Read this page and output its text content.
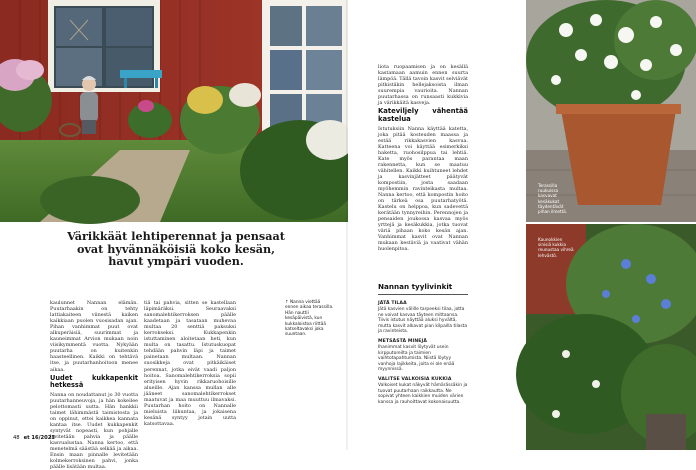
Värikkäät lehtiperennat ja pensaat ovat hyvännäköisiä koko kesän, havut ympäri vuoden.

kaulunnet Nannan elämän. Puutarhaakin on tehty lattiakaiteen viinestä kaiken kaikkiaan puolen vuosisadan ajan. Pihan vanhimmat puut ovat alkuperäisiä, suurimmat ja kauneimmat Arvion mukaan noin viisikymmentä vuotta. Nykyään puutarha on kuitenkin haasteellinen. Kaikki on tehtävä itse, ja puutarhanhoitoon menee aikaa.

Uudet kukkapenkit hetkessä

Nanna on noudattanut jo 30 vuotta puutarhanneuvoja, ja hän kokeilee pelottomasti uutta. Hän hankkii taimet lähimmästä taimistosta ja on oppinut, ettei kaikkea kannata kantaa itse. Uudet kukkapenkit syntyvät nopeasti, kun pohjalle levitetään pahvia ja päälle kasvualustaa. Nanna kertoo, että menetelmä säästää selkää ja aikaa. Ensin maan pinnalle levitetään kolmekerroksinen pahvi, jonka päälle lisätään multaa.

tiä tai pahvia, sitten se kastellaan läpimäräksi. Seuraavaksi sanomalehtikerroksen päälle kaadetaan ja tasataan muhevaa multaa 20 senttiä paksuksi kerrokseksi. Kukkapenkin istuttaminen aloitetaan heti, kun multa on tasattu. Istutuskuopat tehdään pahvin läpi ja taimet painetaan multaan. Nannan suosikkeja ovat pitkäikäiset perennat, jotka eivät vaadi paljon hoitoa. Sanomalehtikerroksia sopii erityisen hyvin rikkaruohoisille alueille. Ajan kanssa mullan alle jääneet sanomalehtikerrokset maatuvat ja maa muuttuu ilmavaksi. Puutarhan hoito on Nannalle mieluista liikuntaa, ja jokaisena kesänä syntyy jotain uutta katsottavaa.

↑ Nanna viettää ennen aikaa terassilla. Hän nauttii kesäpäivistä, kun kukkaloistoa riittää katseltavaksi joka suuntaan.

48 et 16/2023

liota ruopaamisen ja on kesällä kastamaan aamuin ennen suurta lämpöä. Tällä tavoin kasvit selviävät pitkistäkin hellejaksoista ilman suurempia vaurioita. Nannan puutarhassa on runsaasti kukkivia ja värikkäitä kasveja.

Kateviljely vähentää kastelua

Istutuksiin Nanna käyttää katetta, joka pitää kosteuden maassa ja estää rikkakasvien kasvua. Katteena voi käyttää esimerkiksi haketta, ruohosilppua tai lehtiä. Kate myös parantaa maan rakennetta, kun se maatuu vähitellen. Kaikki kuihtuneet lehdet ja kasvinjätteet päätyvät kompostiin, josta saadaan myöhemmin ravinteikasta multaa. Nanna kertoo, että kompostin hoito on tärkeä osa puutarhatyötä. Kastelu on helppoa, kun sadevettä kerätään tynnyreihin. Perennojen ja pensaiden joukossa kasvaa myös yrttejä ja kesäkukkia, jotka tuovat väriä pihaan koko kesän ajan. Vanhimmat kasvit ovat Nannan mukaan kestäviä ja vaativat vähän huolenpitoa.

Nannan tyylivinkit
JÄTÄ TILAA

Jätä kasvien välille tarpeeksi tilaa, jotta ne voivat kasvaa täyteen mittaansa. Tiivis istutus näyttää aluksi hyvältä, mutta kasvit alkavat pian kilpailla tilasta ja ravinteista.

METSÄSTÄ MINEJÄ

Ihanimmat kasvit löytyvät usein kirpputoreilta ja taimien vaihtotapahtumista. Niistä löytyy vanhoja lajikkeita, joita ei ole enää myynnissä.

VALITSE VALKOISIA KUKKIA

Valkoiset kukat näkyvät hämärässäkin ja tuovat puutarhaan raikkautta. Ne sopivat yhteen kaikkien muiden värien kanssa ja rauhoittavat kokonaisuutta.

Terassilla ruukuissa kasvavat kesäkukat täydentävät pihan ilmettä.
Kaunokkien sinisiä kukkia reunustaa vihreä lehvästö.
